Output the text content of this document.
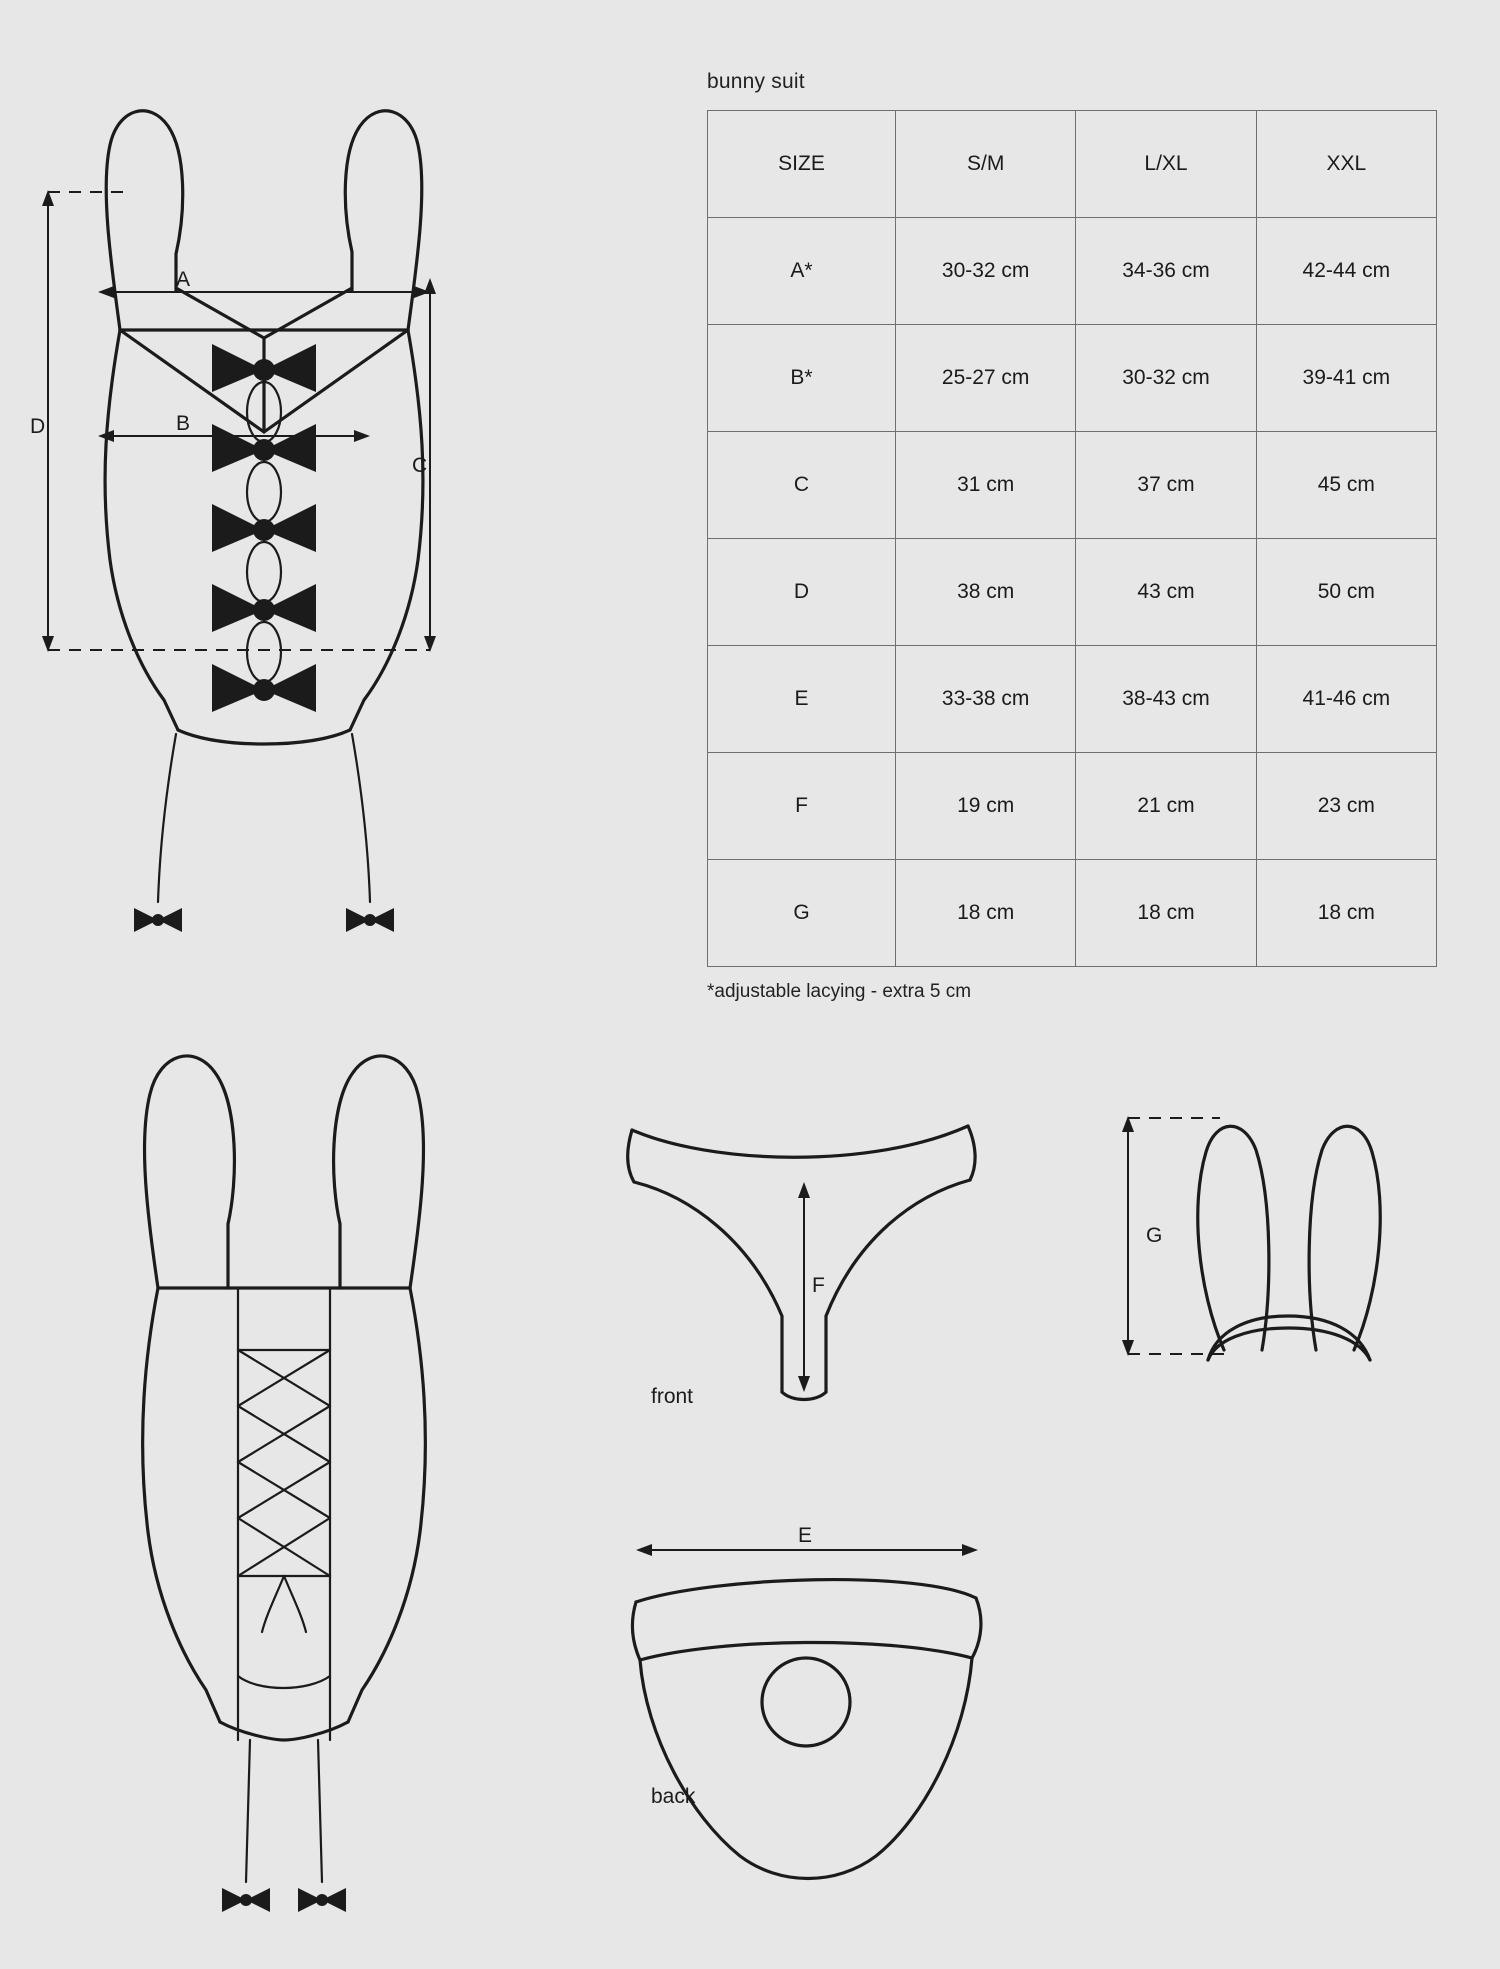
D
C
A
B
F
E
G
front
back
bunny suit
SIZE	S/M	L/XL	XXL
A*	30-32 cm	34-36 cm	42-44 cm
B*	25-27 cm	30-32 cm	39-41 cm
C	31 cm	37 cm	45 cm
D	38 cm	43 cm	50 cm
E	33-38 cm	38-43 cm	41-46 cm
F	19 cm	21 cm	23 cm
G	18 cm	18 cm	18 cm
*adjustable lacying - extra 5 cm
